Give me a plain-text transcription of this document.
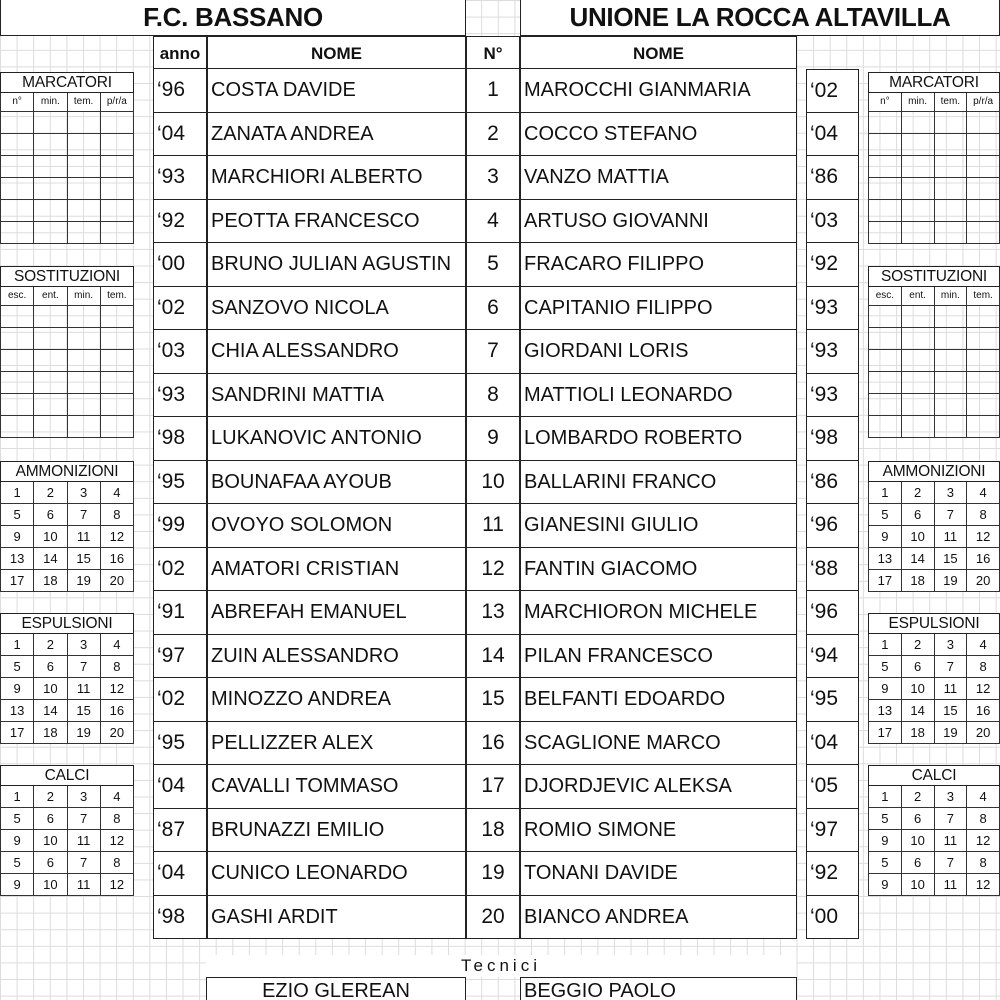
F.C. BASSANO	UNIONE LA ROCCA ALTAVILLA
anno	NOME	N°	NOME
‘96	COSTA DAVIDE	1	MAROCCHI GIANMARIA	‘02
‘04	ZANATA ANDREA	2	COCCO STEFANO	‘04
‘93	MARCHIORI ALBERTO	3	VANZO MATTIA	‘86
‘92	PEOTTA FRANCESCO	4	ARTUSO GIOVANNI	‘03
‘00	BRUNO JULIAN AGUSTIN	5	FRACARO FILIPPO	‘92
‘02	SANZOVO NICOLA	6	CAPITANIO FILIPPO	‘93
‘03	CHIA ALESSANDRO	7	GIORDANI LORIS	‘93
‘93	SANDRINI MATTIA	8	MATTIOLI LEONARDO	‘93
‘98	LUKANOVIC ANTONIO	9	LOMBARDO ROBERTO	‘98
‘95	BOUNAFAA AYOUB	10 BALLARINI FRANCO	‘86
‘99	OVOYO SOLOMON	11	GIANESINI GIULIO	‘96
‘02	AMATORI CRISTIAN	12 FANTIN GIACOMO	‘88
‘91	ABREFAH EMANUEL	13 MARCHIORON MICHELE	‘96
‘97	ZUIN ALESSANDRO	14 PILAN FRANCESCO	‘94
‘02	MINOZZO ANDREA	15 BELFANTI EDOARDO	‘95
‘95	PELLIZZER ALEX	16 SCAGLIONE MARCO	‘04
‘04	CAVALLI TOMMASO	17 DJORDJEVIC ALEKSA	‘05
‘87	BRUNAZZI EMILIO	18 ROMIO SIMONE	‘97
‘04	CUNICO LEONARDO	19 TONANI DAVIDE	‘92
‘98	GASHI ARDIT	20 BIANCO ANDREA	‘00
MARCATORI
n°	min.	tem.	p/r/a
SOSTITUZIONI
esc.	ent.	min.	tem.
AMMONIZIONI
1	2	3	4
5	6	7	8
9	10	11	12
13	14	15	16
17	18	19	20
ESPULSIONI
1	2	3	4
5	6	7	8
9	10	11	12
13	14	15	16
17	18	19	20
CALCI
1	2	3	4
5	6	7	8
9	10	11	12
5	6	7	8
9	10	11	12
MARCATORI
n°	min.	tem.	p/r/a
SOSTITUZIONI
esc.	ent.	min.	tem.
AMMONIZIONI
1	2	3	4
5	6	7	8
9	10	11	12
13	14	15	16
17	18	19	20
ESPULSIONI
1	2	3	4
5	6	7	8
9	10	11	12
13	14	15	16
17	18	19	20
CALCI
1	2	3	4
5	6	7	8
9	10	11	12
5	6	7	8
9	10	11	12
Tecnici
EZIO GLEREAN	BEGGIO PAOLO
